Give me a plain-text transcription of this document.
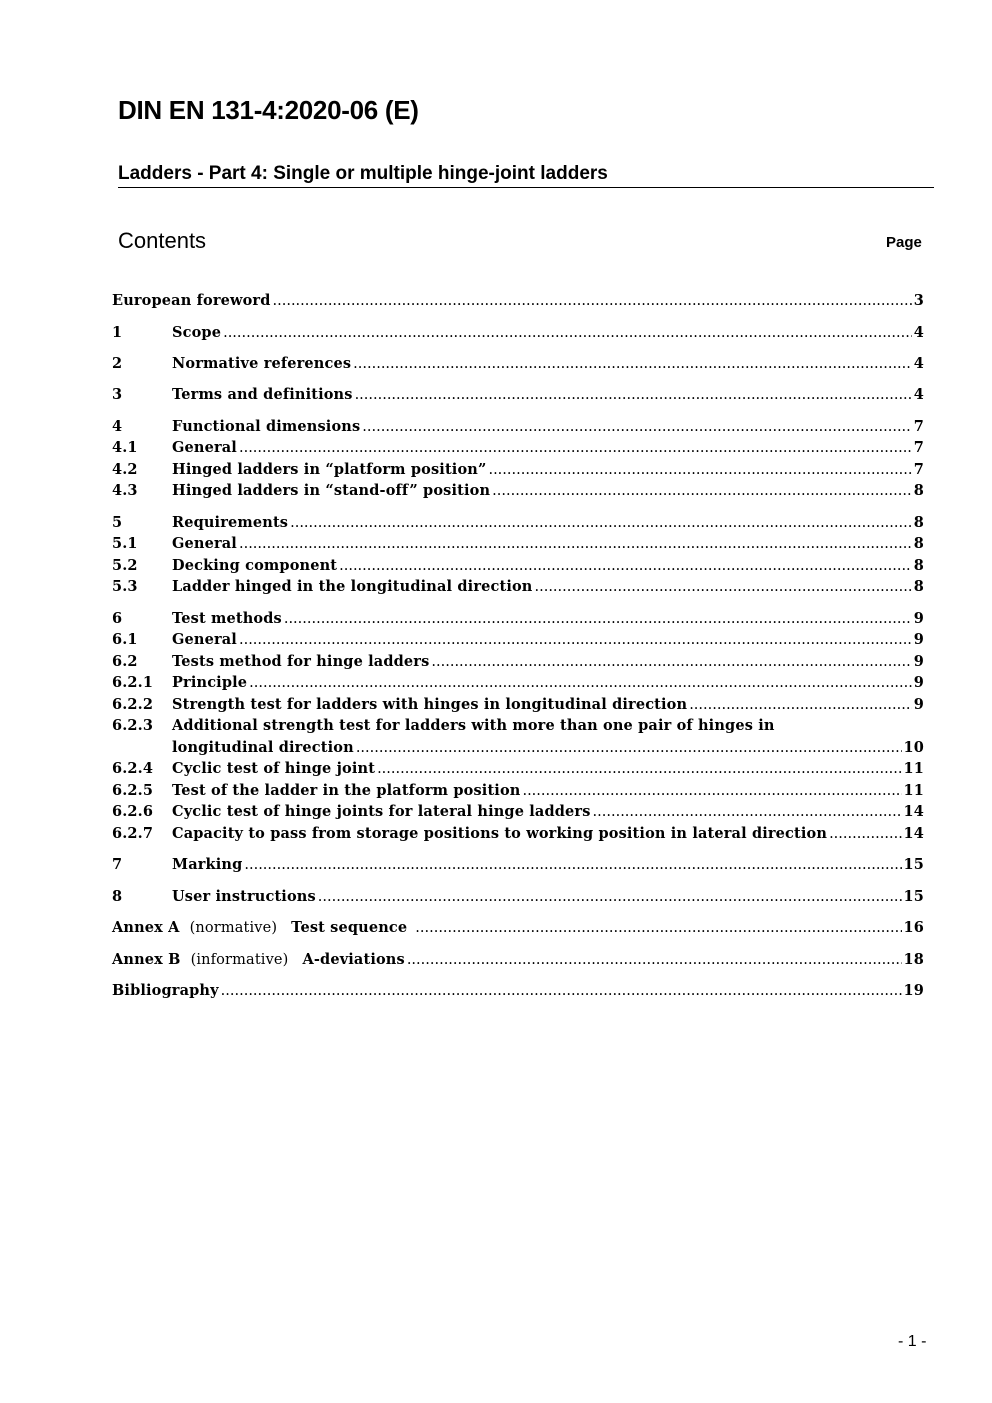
DIN EN 131-4:2020-06 (E)
Ladders - Part 4: Single or multiple hinge-joint ladders
Contents	Page
European foreword .....	3
1	Scope .....	4
2	Normative references .....	4
3	Terms and definitions .....	4
4	Functional dimensions .....	7
4.1	General .....	7
4.2	Hinged ladders in “platform position” .....	7
4.3	Hinged ladders in “stand-off” position .....	8
5	Requirements .....	8
5.1	General .....	8
5.2	Decking component .....	8
5.3	Ladder hinged in the longitudinal direction .....	8
6	Test methods .....	9
6.1	General .....	9
6.2	Tests method for hinge ladders .....	9
6.2.1	Principle .....	9
6.2.2	Strength test for ladders with hinges in longitudinal direction .....	9
6.2.3	Additional strength test for ladders with more than one pair of hinges in
longitudinal direction .....	10
6.2.4	Cyclic test of hinge joint .....	11
6.2.5	Test of the ladder in the platform position .....	11
6.2.6	Cyclic test of hinge joints for lateral hinge ladders .....	14
6.2.7	Capacity to pass from storage positions to working position in lateral direction .....	14
7	Marking .....	15
8	User instructions .....	15
Annex A (normative) Test sequence .....	16
Annex B (informative) A-deviations .....	18
Bibliography .....	19
- 1 -
